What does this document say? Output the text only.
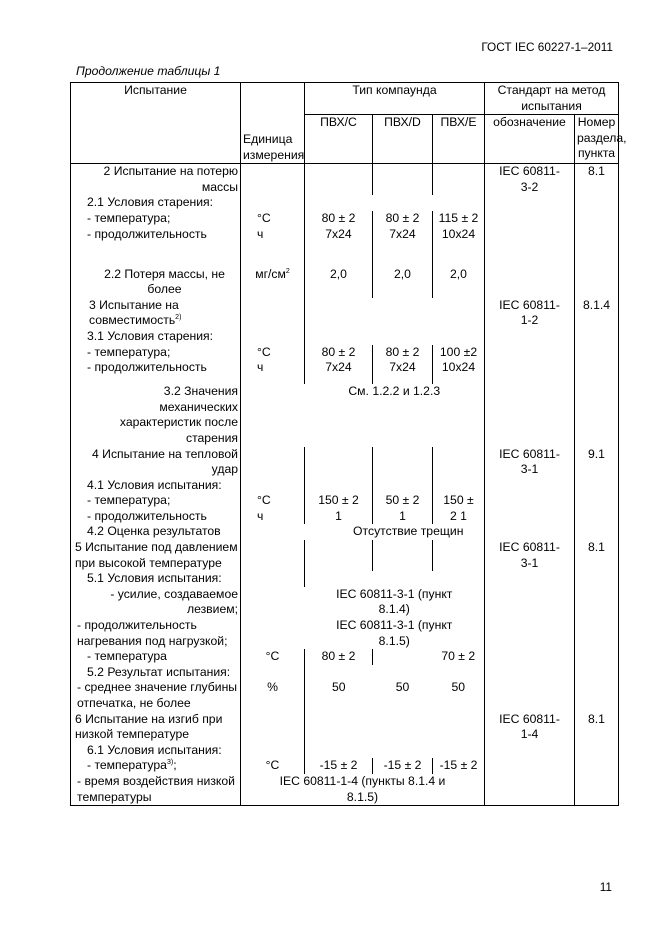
ГОСТ IEC 60227-1–2011
Продолжение таблицы 1
Испытание	Единица измерения	Тип компаунда			Стандарт на метод испытания	
		ПВХ/С	ПВХ/D	ПВХ/Е	обозначение	Номер раздела, пункта
2 Испытание на потерю массы					IEC 60811-3-2	8.1
2.1 Условия старения:						
- температура;	°С	80 ± 2	80 ± 2	115 ± 2		
- продолжительность	ч	7x24	7x24	10x24		
2.2 Потеря массы, не более	$мг/см^2$	2,0	2,0	2,0		
3 Испытание на совместимость$^{2)}$					IEC 60811-1-2	8.1.4
3.1 Условия старения:						
- температура;	°С	80 ± 2	80 ± 2	100 ±2		
- продолжительность	ч	7x24	7x24	10x24		
3.2 Значения механических характеристик после старения		См. 1.2.2 и 1.2.3				
4 Испытание на тепловой удар					IEC 60811-3-1	9.1
4.1 Условия испытания:						
- температура;	°С	150 ± 2	50 ± 2	150 ±		
- продолжительность	ч	1	1	2 1		
4.2 Оценка результатов		Отсутствие трещин				
5 Испытание под давлением при высокой температуре					IEC 60811-3-1	8.1
5.1 Условия испытания:						
- усилие, создаваемое лезвием;		IEC 60811-3-1 (пункт 8.1.4)				
- продолжительность нагревания под нагрузкой;		IEC 60811-3-1 (пункт 8.1.5)				
- температура	°С	80 ± 2		70 ± 2		
5.2 Результат испытания:						
- среднее значение глубины отпечатка, не более	%	50	50	50		
6 Испытание на изгиб при низкой температуре					IEC 60811-1-4	8.1
6.1 Условия испытания:						
- температура$^{3)}$;	°С	-15 ± 2	-15 ± 2	-15 ± 2		
- время воздействия низкой температуры	IEC 60811-1-4 (пункты 8.1.4 и 8.1.5)					
11
